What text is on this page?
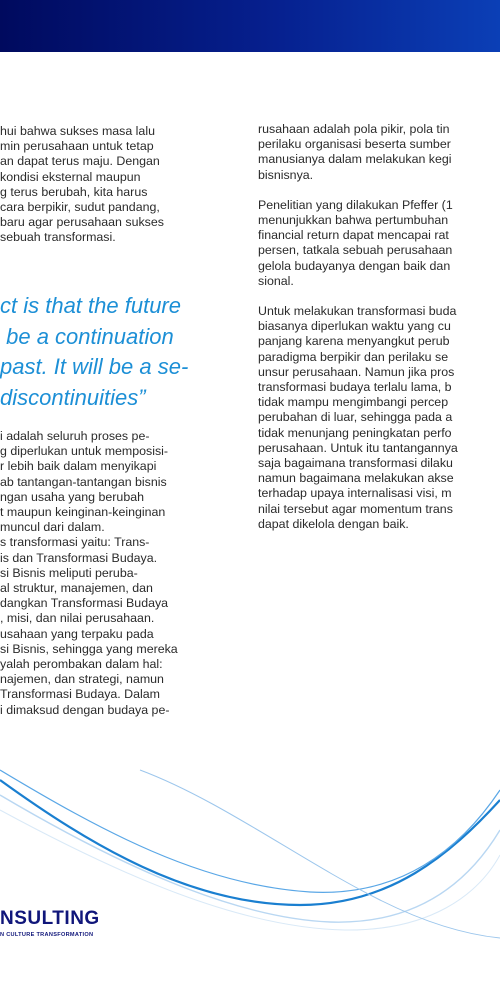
hui bahwa sukses masa lalu

min perusahaan untuk tetap

an dapat terus maju. Dengan

kondisi eksternal maupun

g terus berubah, kita harus

cara berpikir, sudut pandang,

baru agar perusahaan sukses

sebuah transformasi.

ct is that the future

be a continuation

past. It will be a se-

discontinuities”

i adalah seluruh proses pe-

g diperlukan untuk memposisi-

r lebih baik dalam menyikapi

ab tantangan-tantangan bisnis

ngan usaha yang berubah

t maupun keinginan-keinginan

muncul dari dalam.

s transformasi yaitu: Trans-

is dan Transformasi Budaya.

si Bisnis meliputi peruba-

al struktur, manajemen, dan

dangkan Transformasi Budaya

, misi, dan nilai perusahaan.

usahaan yang terpaku pada

si Bisnis, sehingga yang mereka

yalah perombakan dalam hal:

najemen, dan strategi, namun

Transformasi Budaya. Dalam

i dimaksud dengan budaya pe-

rusahaan adalah pola pikir, pola tin

perilaku organisasi beserta sumber

manusianya dalam melakukan kegi

bisnisnya.

Penelitian yang dilakukan Pfeffer (1

menunjukkan bahwa pertumbuhan

financial return dapat mencapai rat

persen, tatkala sebuah perusahaan

gelola budayanya dengan baik dan

sional.

Untuk melakukan transformasi buda

biasanya diperlukan waktu yang cu

panjang karena menyangkut perub

paradigma berpikir dan perilaku se

unsur perusahaan. Namun jika pros

transformasi budaya terlalu lama, b

tidak mampu mengimbangi percep

perubahan di luar, sehingga pada a

tidak menunjang peningkatan perfo

perusahaan. Untuk itu tantangannya

saja bagaimana transformasi dilaku

namun bagaimana melakukan akse

terhadap upaya internalisasi visi, m

nilai tersebut agar momentum trans

dapat dikelola dengan baik.

NSULTING
N CULTURE TRANSFORMATION
